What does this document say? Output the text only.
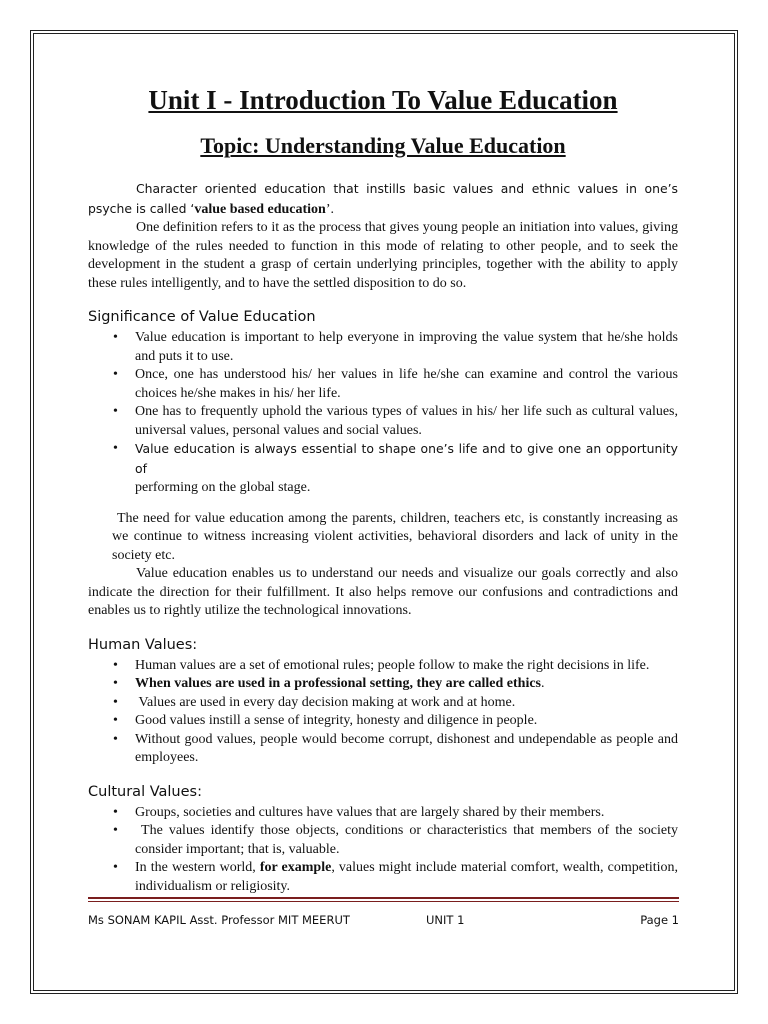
Unit I - Introduction To Value Education
Topic: Understanding Value Education

Character oriented education that instills basic values and ethnic values in one’s psyche is called ‘value based education’.

One definition refers to it as the process that gives young people an initiation into values, giving knowledge of the rules needed to function in this mode of relating to other people, and to seek the development in the student a grasp of certain underlying principles, together with the ability to apply these rules intelligently, and to have the settled disposition to do so.

Significance of Value Education
• Value education is important to help everyone in improving the value system that he/she holds and puts it to use.
• Once, one has understood his/ her values in life he/she can examine and control the various choices he/she makes in his/ her life.
• One has to frequently uphold the various types of values in his/ her life such as cultural values, universal values, personal values and social values.
• Value education is always essential to shape one’s life and to give one an opportunity of
performing on the global stage.

The need for value education among the parents, children, teachers etc, is constantly increasing as we continue to witness increasing violent activities, behavioral disorders and lack of unity in the society etc.

Value education enables us to understand our needs and visualize our goals correctly and also indicate the direction for their fulfillment. It also helps remove our confusions and contradictions and enables us to rightly utilize the technological innovations.

Human Values:
• Human values are a set of emotional rules; people follow to make the right decisions in life.
• When values are used in a professional setting, they are called ethics.
• Values are used in every day decision making at work and at home.
• Good values instill a sense of integrity, honesty and diligence in people.
• Without good values, people would become corrupt, dishonest and undependable as people and employees.
Cultural Values:
• Groups, societies and cultures have values that are largely shared by their members.
• The values identify those objects, conditions or characteristics that members of the society consider important; that is, valuable.
• In the western world, for example, values might include material comfort, wealth, competition, individualism or religiosity.
Ms SONAM KAPIL Asst. Professor MIT MEERUT	UNIT 1	Page 1
